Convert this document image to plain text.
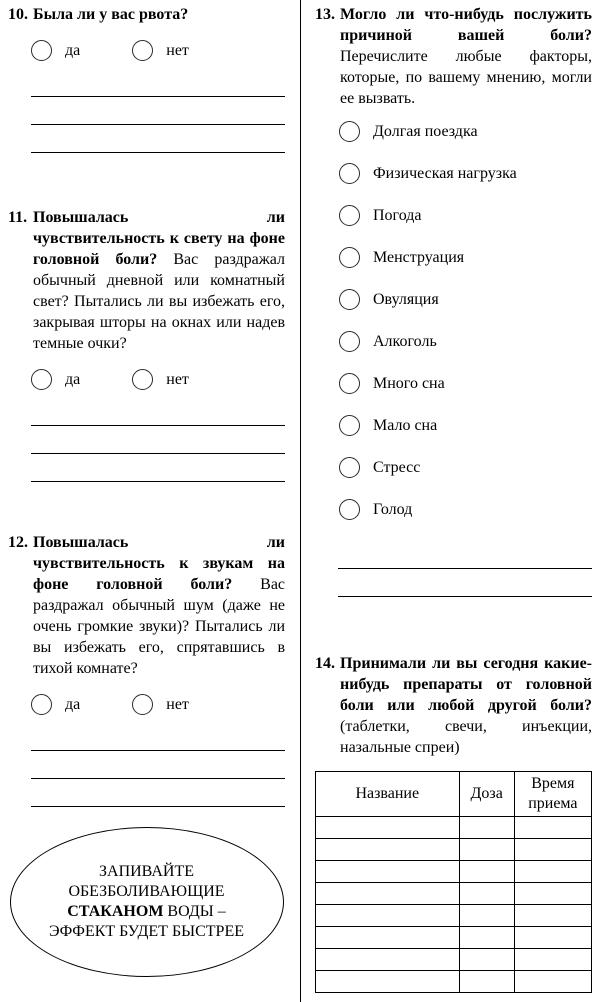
10. Была ли у вас рвота?
да	нет
11. Повышалась ли чувствительность к свету на фоне головной боли? Вас раздражал обычный дневной или комнатный свет? Пытались ли вы избежать его, закрывая шторы на окнах или надев темные очки?
да	нет
12. Повышалась ли чувствительность к звукам на фоне головной боли? Вас раздражал обычный шум (даже не очень громкие звуки)? Пытались ли вы избежать его, спрятавшись в тихой комнате?
да	нет
ЗАПИВАЙТЕ ОБЕЗБОЛИВАЮЩИЕ СТАКАНОМ ВОДЫ – ЭФФЕКТ БУДЕТ БЫСТРЕЕ
13. Могло ли что-нибудь послужить причиной вашей боли? Перечислите любые факторы, которые, по вашему мнению, могли ее вызвать.
Долгая поездка
Физическая нагрузка
Погода
Менструация
Овуляция
Алкоголь
Много сна
Мало сна
Стресс
Голод
14. Принимали ли вы сегодня какие-нибудь препараты от головной боли или любой другой боли? (таблетки, свечи, инъекции, назальные спреи)
Название	Доза	Время приема
